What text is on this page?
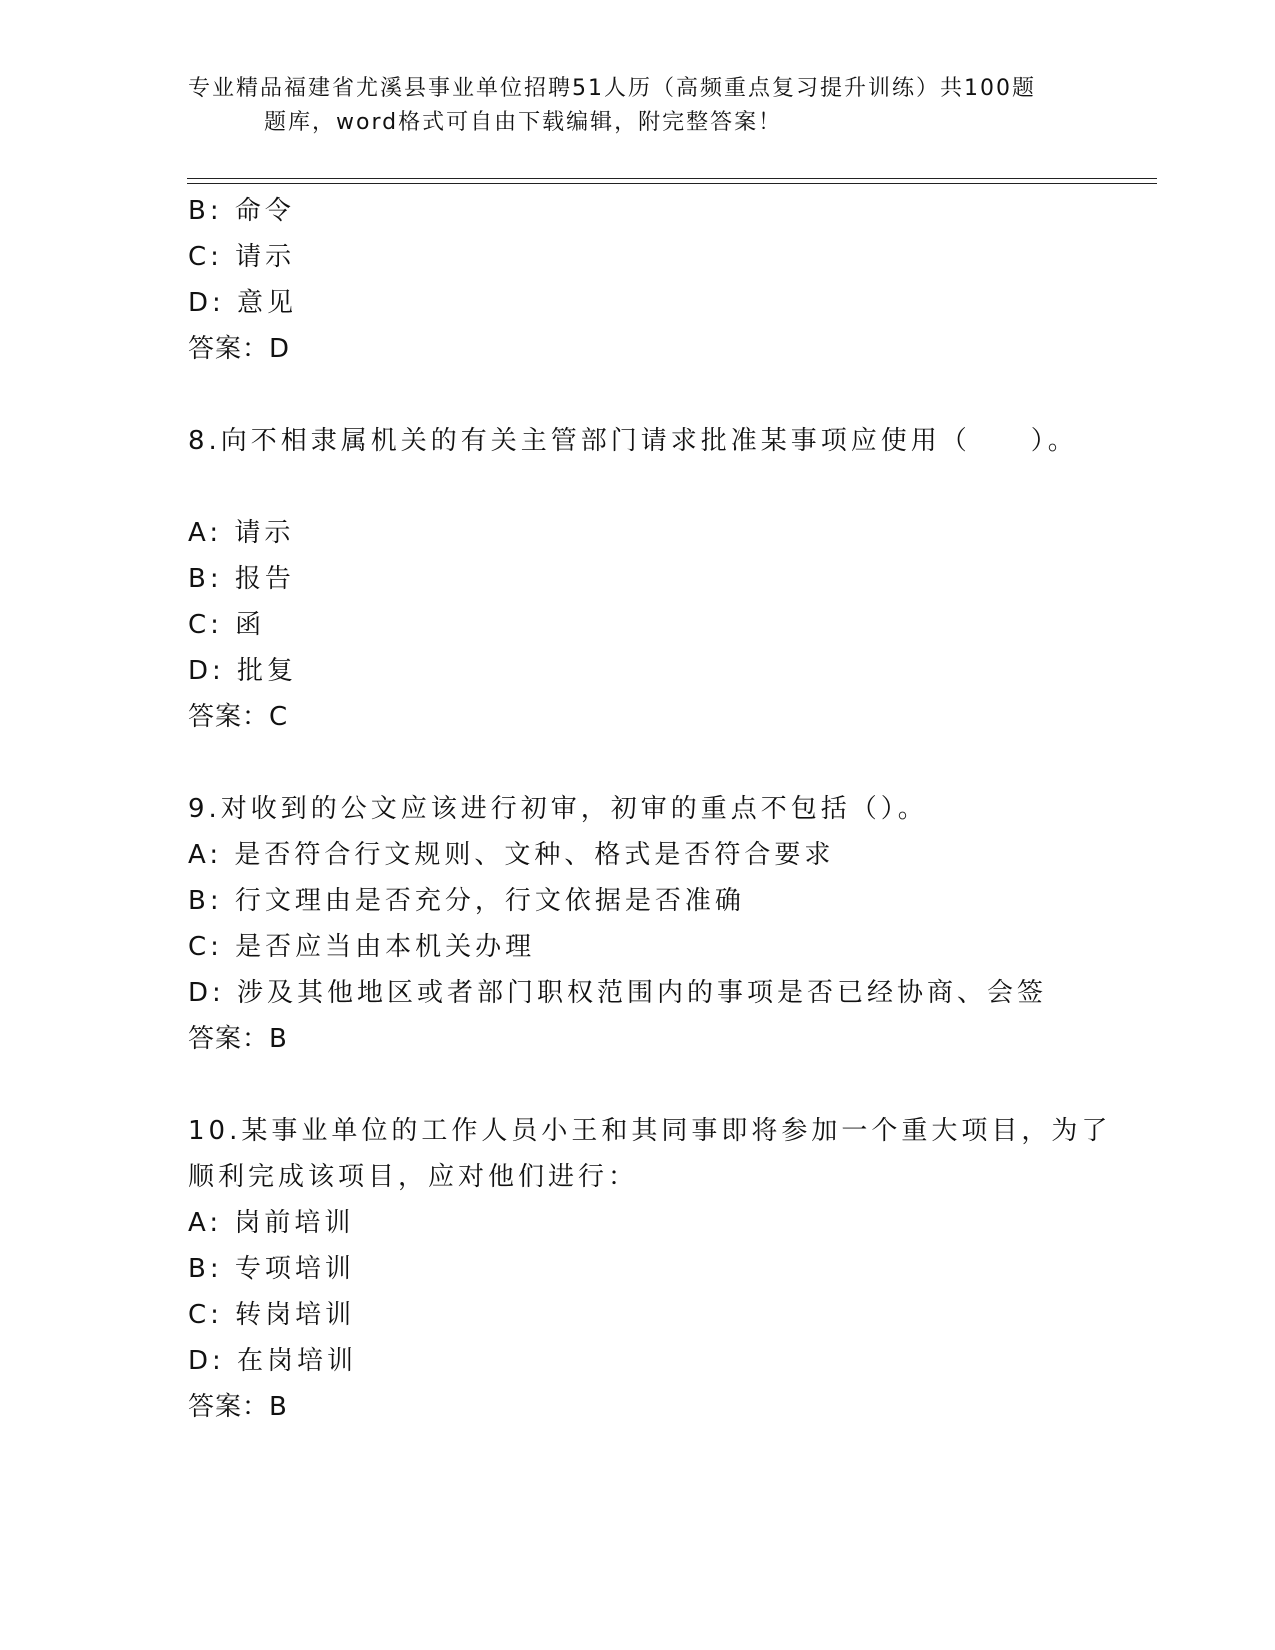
专业精品福建省尤溪县事业单位招聘51人历（高频重点复习提升训练）共100题
题库，word格式可自由下载编辑，附完整答案！
B: 命令
C: 请示
D: 意见
答案：D
8.向不相隶属机关的有关主管部门请求批准某事项应使用（　　）。
A: 请示
B: 报告
C: 函
D: 批复
答案：C
9.对收到的公文应该进行初审，初审的重点不包括（）。
A: 是否符合行文规则、文种、格式是否符合要求
B: 行文理由是否充分，行文依据是否准确
C: 是否应当由本机关办理
D: 涉及其他地区或者部门职权范围内的事项是否已经协商、会签
答案：B
10.某事业单位的工作人员小王和其同事即将参加一个重大项目，为了
顺利完成该项目，应对他们进行：
A: 岗前培训
B: 专项培训
C: 转岗培训
D: 在岗培训
答案：B
